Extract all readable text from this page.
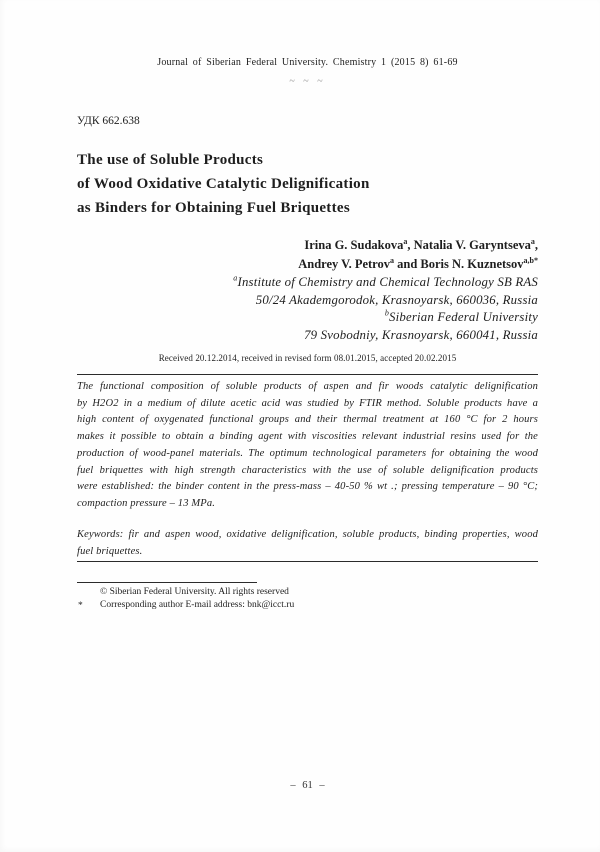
Journal of Siberian Federal University. Chemistry 1 (2015 8) 61-69
~ ~ ~
УДК 662.638
The use of Soluble Products
of Wood Oxidative Catalytic Delignification
as Binders for Obtaining Fuel Briquettes
Irina G. Sudakova$^a$, Natalia V. Garyntseva$^a$,
Andrey V. Petrov$^a$ and Boris N. Kuznetsov$^{a,b*}$
$^a$Institute of Chemistry and Chemical Technology SB RAS
50/24 Akademgorodok, Krasnoyarsk, 660036, Russia
$^b$Siberian Federal University
79 Svobodniy, Krasnoyarsk, 660041, Russia
Received 20.12.2014, received in revised form 08.01.2015, accepted 20.02.2015
The functional composition of soluble products of aspen and fir woods catalytic delignification
by H2O2 in a medium of dilute acetic acid was studied by FTIR method. Soluble products have a
high content of oxygenated functional groups and their thermal treatment at 160 °C for 2 hours
makes it possible to obtain a binding agent with viscosities relevant industrial resins used for the
production of wood-panel materials. The optimum technological parameters for obtaining the wood
fuel briquettes with high strength characteristics with the use of soluble delignification products
were established: the binder content in the press-mass – 40-50 % wt .; pressing temperature – 90 °C;
compaction pressure – 13 MPa.
Keywords: fir and aspen wood, oxidative delignification, soluble products, binding properties, wood
fuel briquettes.
© Siberian Federal University. All rights reserved
* Corresponding author E-mail address: bnk@icct.ru
– 61 –
